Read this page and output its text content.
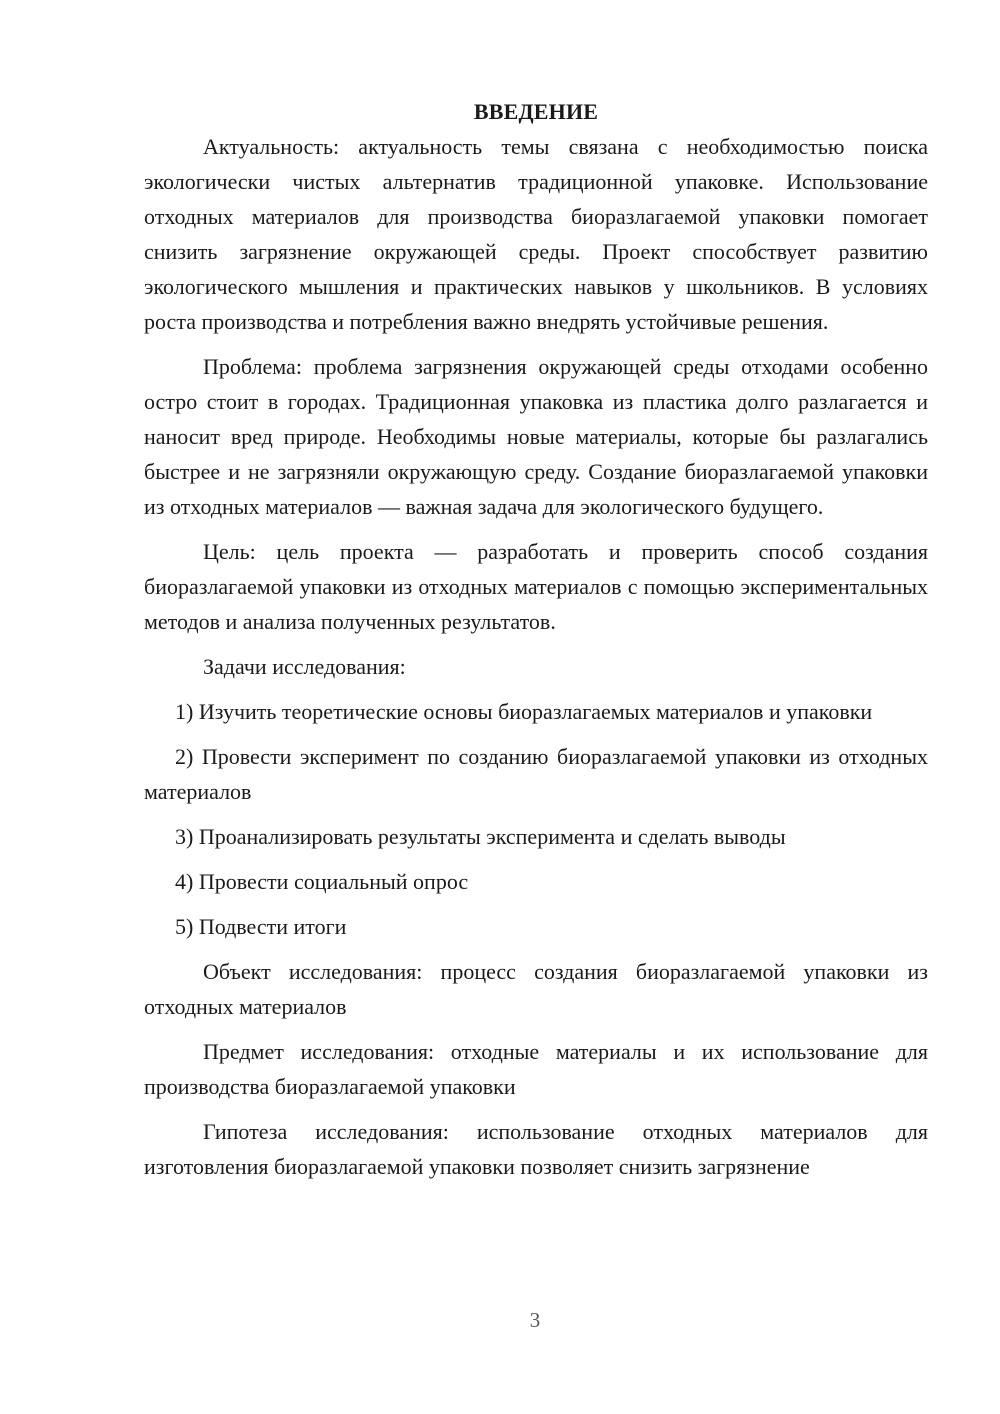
ВВЕДЕНИЕ

Актуальность: актуальность темы связана с необходимостью поиска экологически чистых альтернатив традиционной упаковке. Использование отходных материалов для производства биоразлагаемой упаковки помогает снизить загрязнение окружающей среды. Проект способствует развитию экологического мышления и практических навыков у школьников. В условиях роста производства и потребления важно внедрять устойчивые решения.

Проблема: проблема загрязнения окружающей среды отходами особенно остро стоит в городах. Традиционная упаковка из пластика долго разлагается и наносит вред природе. Необходимы новые материалы, которые бы разлагались быстрее и не загрязняли окружающую среду. Создание биоразлагаемой упаковки из отходных материалов — важная задача для экологического будущего.

Цель: цель проекта — разработать и проверить способ создания биоразлагаемой упаковки из отходных материалов с помощью экспериментальных методов и анализа полученных результатов.

Задачи исследования:

1) Изучить теоретические основы биоразлагаемых материалов и упаковки

2) Провести эксперимент по созданию биоразлагаемой упаковки из отходных материалов

3) Проанализировать результаты эксперимента и сделать выводы

4) Провести социальный опрос

5) Подвести итоги

Объект исследования: процесс создания биоразлагаемой упаковки из отходных материалов

Предмет исследования: отходные материалы и их использование для производства биоразлагаемой упаковки

Гипотеза исследования: использование отходных материалов для изготовления биоразлагаемой упаковки позволяет снизить загрязнение

3
